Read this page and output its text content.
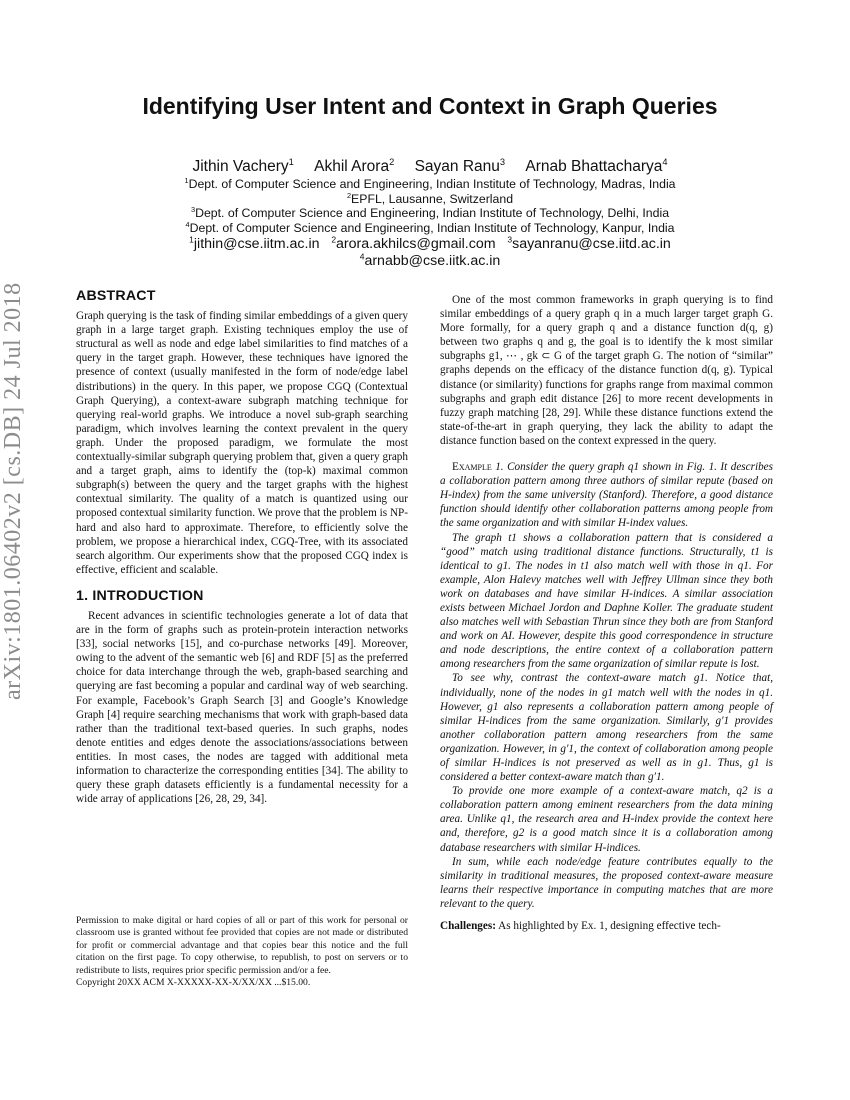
arXiv:1801.06402v2 [cs.DB] 24 Jul 2018
Identifying User Intent and Context in Graph Queries
Jithin Vachery$^1$ Akhil Arora$^2$ Sayan Ranu$^3$ Arnab Bhattacharya$^4$
$^1$Dept. of Computer Science and Engineering, Indian Institute of Technology, Madras, India
$^2$EPFL, Lausanne, Switzerland
$^3$Dept. of Computer Science and Engineering, Indian Institute of Technology, Delhi, India
$^4$Dept. of Computer Science and Engineering, Indian Institute of Technology, Kanpur, India
$^1$jithin@cse.iitm.ac.in $^2$arora.akhilcs@gmail.com $^3$sayanranu@cse.iitd.ac.in
$^4$arnabb@cse.iitk.ac.in
ABSTRACT

Graph querying is the task of finding similar embeddings of a given query graph in a large target graph. Existing techniques employ the use of structural as well as node and edge label similarities to find matches of a query in the target graph. However, these techniques have ignored the presence of context (usually manifested in the form of node/edge label distributions) in the query. In this paper, we propose CGQ (Contextual Graph Querying), a context-aware subgraph matching technique for querying real-world graphs. We introduce a novel sub-graph searching paradigm, which involves learning the context prevalent in the query graph. Under the proposed paradigm, we formulate the most contextually-similar subgraph querying problem that, given a query graph and a target graph, aims to identify the (top-k) maximal common subgraph(s) between the query and the target graphs with the highest contextual similarity. The quality of a match is quantized using our proposed contextual similarity function. We prove that the problem is NP-hard and also hard to approximate. Therefore, to efficiently solve the problem, we propose a hierarchical index, CGQ-Tree, with its associated search algorithm. Our experiments show that the proposed CGQ index is effective, efficient and scalable.

1. INTRODUCTION

Recent advances in scientific technologies generate a lot of data that are in the form of graphs such as protein-protein interaction networks [33], social networks [15], and co-purchase networks [49]. Moreover, owing to the advent of the semantic web [6] and RDF [5] as the preferred choice for data interchange through the web, graph-based searching and querying are fast becoming a popular and cardinal way of web searching. For example, Facebook’s Graph Search [3] and Google’s Knowledge Graph [4] require searching mechanisms that work with graph-based data rather than the traditional text-based queries. In such graphs, nodes denote entities and edges denote the associations/associations between entities. In most cases, the nodes are tagged with additional meta information to characterize the corresponding entities [34]. The ability to query these graph datasets efficiently is a fundamental necessity for a wide array of applications [26, 28, 29, 34].

Permission to make digital or hard copies of all or part of this work for personal or classroom use is granted without fee provided that copies are not made or distributed for profit or commercial advantage and that copies bear this notice and the full citation on the first page. To copy otherwise, to republish, to post on servers or to redistribute to lists, requires prior specific permission and/or a fee.

Copyright 20XX ACM X-XXXXX-XX-X/XX/XX ...$15.00.

One of the most common frameworks in graph querying is to find similar embeddings of a query graph q in a much larger target graph G. More formally, for a query graph q and a distance function d(q, g) between two graphs q and g, the goal is to identify the k most similar subgraphs g1, ⋯ , gk ⊂ G of the target graph G. The notion of “similar” graphs depends on the efficacy of the distance function d(q, g). Typical distance (or similarity) functions for graphs range from maximal common subgraphs and graph edit distance [26] to more recent developments in fuzzy graph matching [28, 29]. While these distance functions extend the state-of-the-art in graph querying, they lack the ability to adapt the distance function based on the context expressed in the query.

Example 1. Consider the query graph q1 shown in Fig. 1. It describes a collaboration pattern among three authors of similar repute (based on H-index) from the same university (Stanford). Therefore, a good distance function should identify other collaboration patterns among people from the same organization and with similar H-index values.

The graph t1 shows a collaboration pattern that is considered a “good” match using traditional distance functions. Structurally, t1 is identical to g1. The nodes in t1 also match well with those in q1. For example, Alon Halevy matches well with Jeffrey Ullman since they both work on databases and have similar H-indices. A similar association exists between Michael Jordon and Daphne Koller. The graduate student also matches well with Sebastian Thrun since they both are from Stanford and work on AI. However, despite this good correspondence in structure and node descriptions, the entire context of a collaboration pattern among researchers from the same organization of similar repute is lost.

To see why, contrast the context-aware match g1. Notice that, individually, none of the nodes in g1 match well with the nodes in q1. However, g1 also represents a collaboration pattern among people of similar H-indices from the same organization. Similarly, g′1 provides another collaboration pattern among researchers from the same organization. However, in g′1, the context of collaboration among people of similar H-indices is not preserved as well as in g1. Thus, g1 is considered a better context-aware match than g′1.

To provide one more example of a context-aware match, q2 is a collaboration pattern among eminent researchers from the data mining area. Unlike q1, the research area and H-index provide the context here and, therefore, g2 is a good match since it is a collaboration among database researchers with similar H-indices.

In sum, while each node/edge feature contributes equally to the similarity in traditional measures, the proposed context-aware measure learns their respective importance in computing matches that are more relevant to the query.

Challenges: As highlighted by Ex. 1, designing effective tech-
